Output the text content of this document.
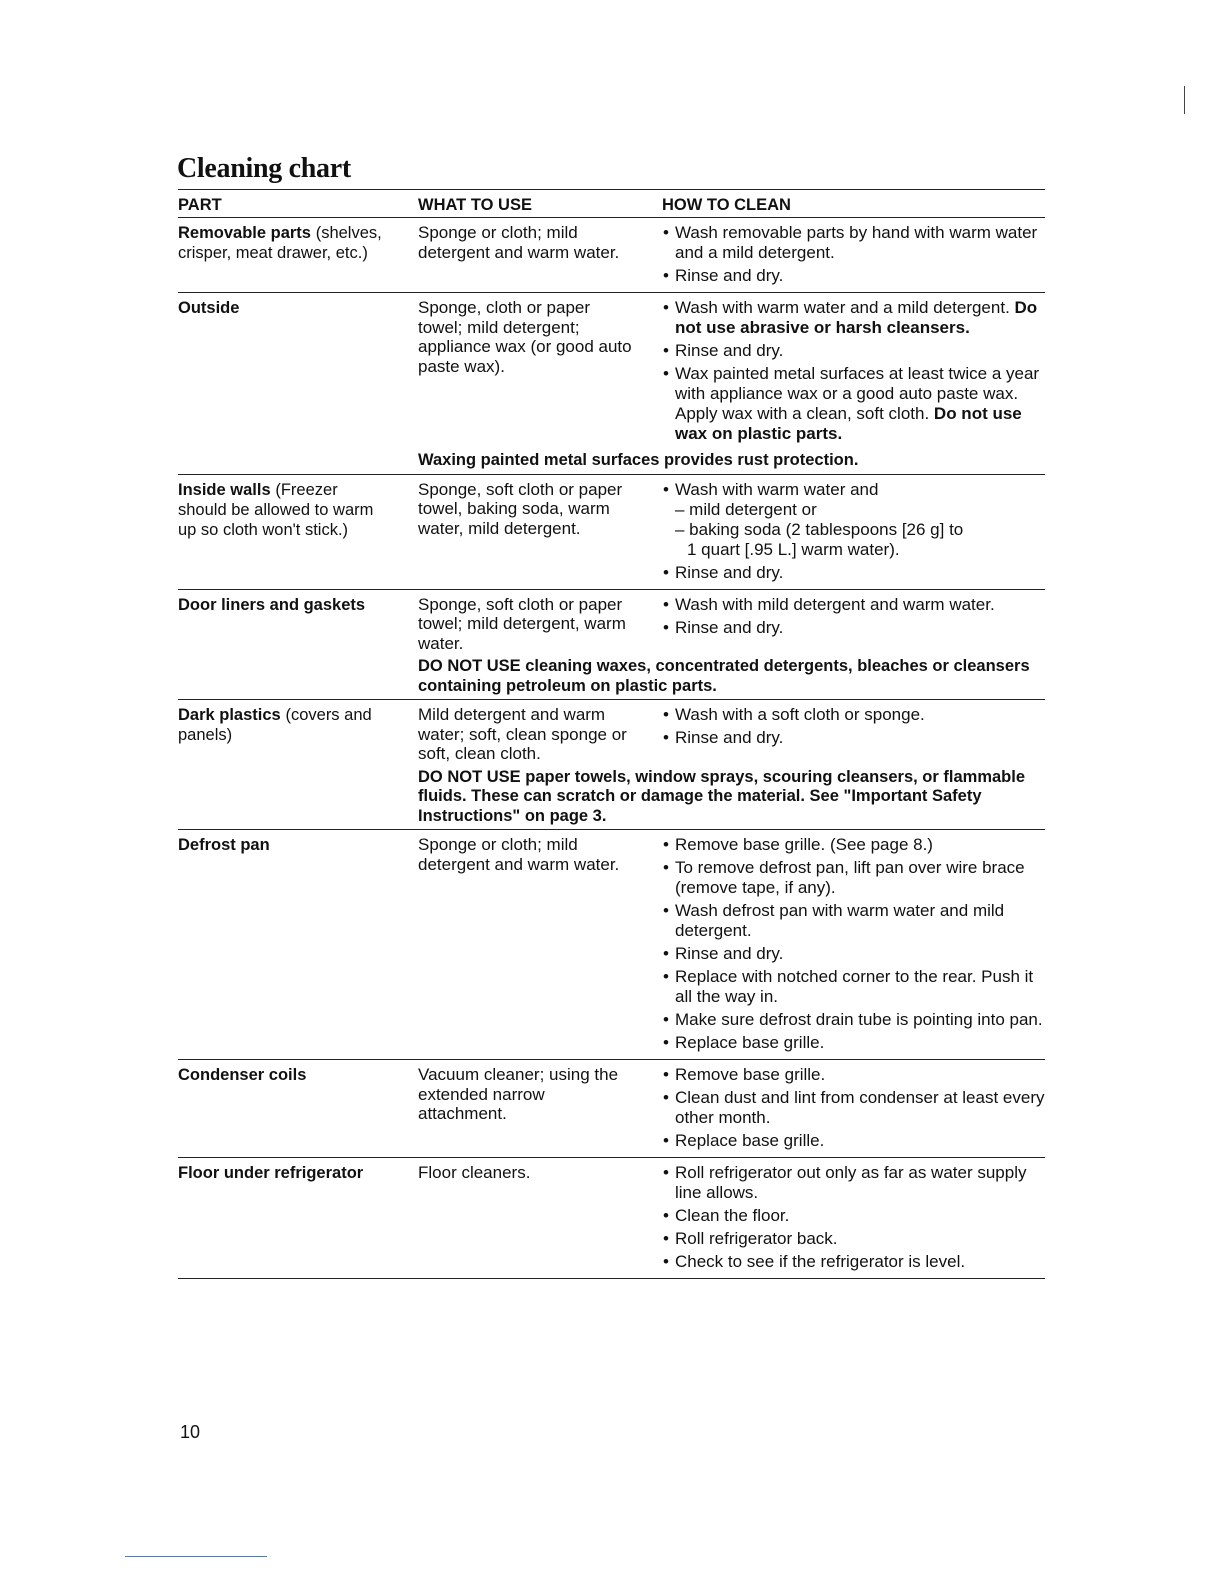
Cleaning chart
PART	WHAT TO USE	HOW TO CLEAN
Removable parts (shelves, crisper, meat drawer, etc.)
Sponge or cloth; mild detergent and warm water.
• Wash removable parts by hand with warm water and a mild detergent.
• Rinse and dry.
Outside	Sponge, cloth or paper towel; mild detergent; appliance wax (or good auto paste wax).
• Wash with warm water and a mild detergent. Do not use abrasive or harsh cleansers.
• Rinse and dry.
• Wax painted metal surfaces at least twice a year with appliance wax or a good auto paste wax. Apply wax with a clean, soft cloth. Do not use wax on plastic parts.
Waxing painted metal surfaces provides rust protection.
Inside walls (Freezer should be allowed to warm up so cloth won't stick.)
Sponge, soft cloth or paper towel, baking soda, warm water, mild detergent.
• Wash with warm water and
– mild detergent or
– baking soda (2 tablespoons [26 g] to
1 quart [.95 L.] warm water).
• Rinse and dry.
Door liners and gaskets	Sponge, soft cloth or paper towel; mild detergent, warm water.
• Wash with mild detergent and warm water.
• Rinse and dry.
DO NOT USE cleaning waxes, concentrated detergents, bleaches or cleansers containing petroleum on plastic parts.
Dark plastics (covers and panels)
Mild detergent and warm water; soft, clean sponge or soft, clean cloth.
• Wash with a soft cloth or sponge.
• Rinse and dry.
DO NOT USE paper towels, window sprays, scouring cleansers, or flammable fluids. These can scratch or damage the material. See "Important Safety Instructions" on page 3.
Defrost pan	Sponge or cloth; mild detergent and warm water.
• Remove base grille. (See page 8.)
• To remove defrost pan, lift pan over wire brace (remove tape, if any).
• Wash defrost pan with warm water and mild detergent.
• Rinse and dry.
• Replace with notched corner to the rear. Push it all the way in.
• Make sure defrost drain tube is pointing into pan.
• Replace base grille.
Condenser coils	Vacuum cleaner; using the extended narrow attachment.
• Remove base grille.
• Clean dust and lint from condenser at least every other month.
• Replace base grille.
Floor under refrigerator	Floor cleaners.
•	Roll refrigerator out only as far as water supply line allows.
• Clean the floor.
• Roll refrigerator back.
• Check to see if the refrigerator is level.
10
